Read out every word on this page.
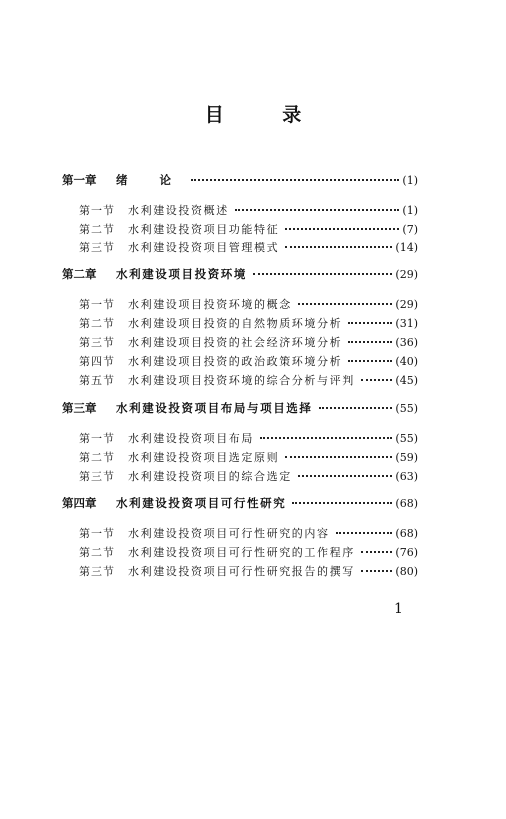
目 录
第一章	绪 论	(1)
第一节	水利建设投资概述	(1)
第二节	水利建设投资项目功能特征	(7)
第三节	水利建设投资项目管理模式	(14)
第二章	水利建设项目投资环境	(29)
第一节	水利建设项目投资环境的概念	(29)
第二节	水利建设项目投资的自然物质环境分析	(31)
第三节	水利建设项目投资的社会经济环境分析	(36)
第四节	水利建设项目投资的政治政策环境分析	(40)
第五节	水利建设项目投资环境的综合分析与评判	(45)
第三章	水利建设投资项目布局与项目选择	(55)
第一节	水利建设投资项目布局	(55)
第二节	水利建设投资项目选定原则	(59)
第三节	水利建设投资项目的综合选定	(63)
第四章	水利建设投资项目可行性研究	(68)
第一节	水利建设投资项目可行性研究的内容	(68)
第二节	水利建设投资项目可行性研究的工作程序	(76)
第三节	水利建设投资项目可行性研究报告的撰写	(80)
1
